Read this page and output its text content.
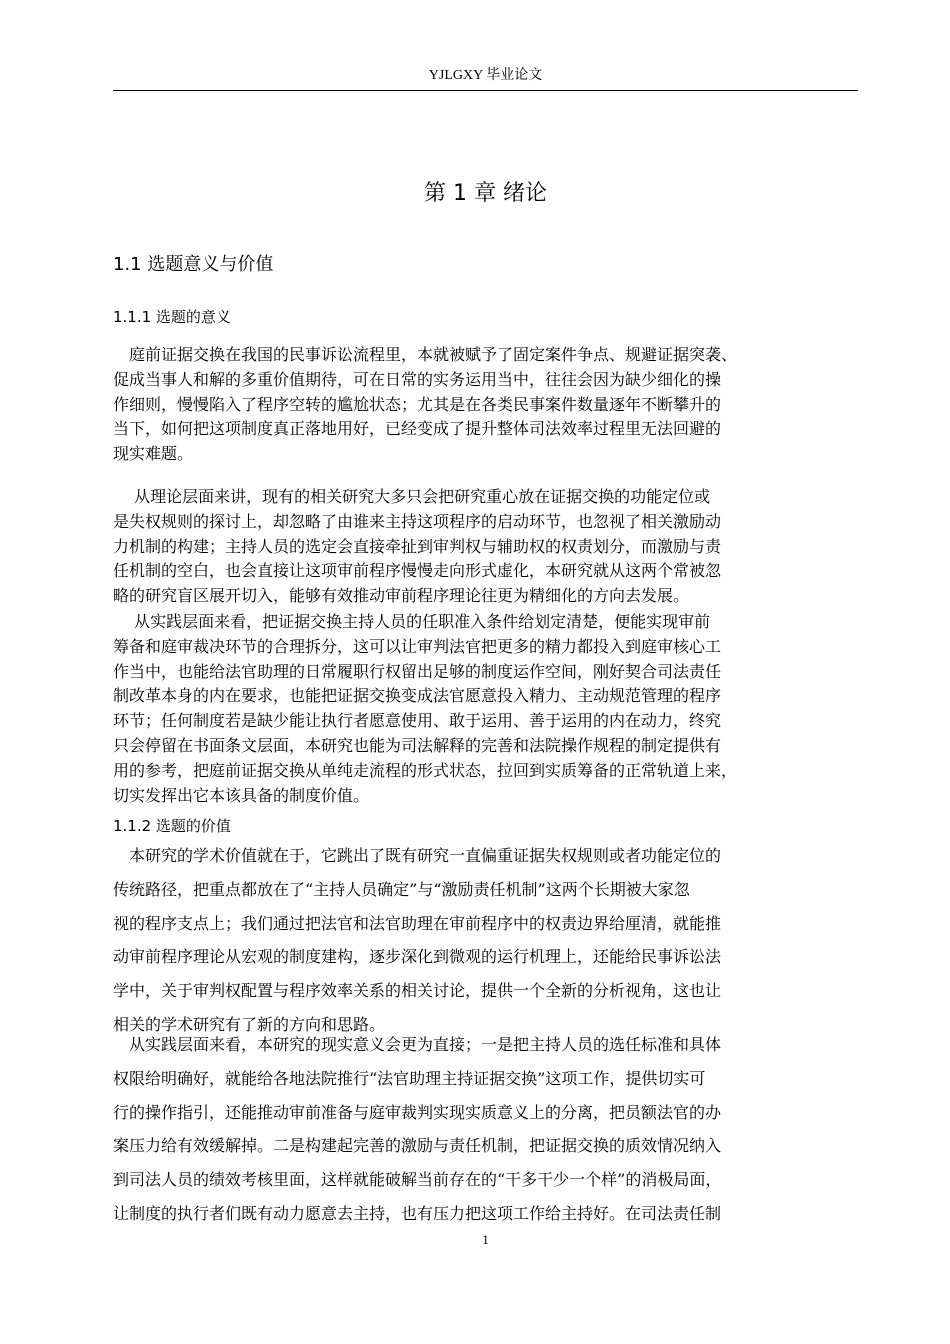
YJLGXY 毕业论文
第 1 章 绪论
1.1 选题意义与价值
1.1.1 选题的意义
　庭前证据交换在我国的民事诉讼流程里，本就被赋予了固定案件争点、规避证据突袭、
促成当事人和解的多重价值期待，可在日常的实务运用当中，往往会因为缺少细化的操
作细则，慢慢陷入了程序空转的尴尬状态；尤其是在各类民事案件数量逐年不断攀升的
当下，如何把这项制度真正落地用好，已经变成了提升整体司法效率过程里无法回避的
现实难题。
　 从理论层面来讲，现有的相关研究大多只会把研究重心放在证据交换的功能定位或
是失权规则的探讨上，却忽略了由谁来主持这项程序的启动环节，也忽视了相关激励动
力机制的构建；主持人员的选定会直接牵扯到审判权与辅助权的权责划分，而激励与责
任机制的空白，也会直接让这项审前程序慢慢走向形式虚化，本研究就从这两个常被忽
略的研究盲区展开切入，能够有效推动审前程序理论往更为精细化的方向去发展。
　 从实践层面来看，把证据交换主持人员的任职准入条件给划定清楚，便能实现审前
筹备和庭审裁决环节的合理拆分，这可以让审判法官把更多的精力都投入到庭审核心工
作当中，也能给法官助理的日常履职行权留出足够的制度运作空间，刚好契合司法责任
制改革本身的内在要求，也能把证据交换变成法官愿意投入精力、主动规范管理的程序
环节；任何制度若是缺少能让执行者愿意使用、敢于运用、善于运用的内在动力，终究
只会停留在书面条文层面，本研究也能为司法解释的完善和法院操作规程的制定提供有
用的参考，把庭前证据交换从单纯走流程的形式状态，拉回到实质筹备的正常轨道上来，
切实发挥出它本该具备的制度价值。
1.1.2 选题的价值
　本研究的学术价值就在于，它跳出了既有研究一直偏重证据失权规则或者功能定位的
传统路径，把重点都放在了“主持人员确定”与“激励责任机制”这两个长期被大家忽
视的程序支点上；我们通过把法官和法官助理在审前程序中的权责边界给厘清，就能推
动审前程序理论从宏观的制度建构，逐步深化到微观的运行机理上，还能给民事诉讼法
学中，关于审判权配置与程序效率关系的相关讨论，提供一个全新的分析视角，这也让
相关的学术研究有了新的方向和思路。
　从实践层面来看，本研究的现实意义会更为直接；一是把主持人员的选任标准和具体
权限给明确好，就能给各地法院推行“法官助理主持证据交换”这项工作，提供切实可
行的操作指引，还能推动审前准备与庭审裁判实现实质意义上的分离，把员额法官的办
案压力给有效缓解掉。二是构建起完善的激励与责任机制，把证据交换的质效情况纳入
到司法人员的绩效考核里面，这样就能破解当前存在的“干多干少一个样”的消极局面，
让制度的执行者们既有动力愿意去主持，也有压力把这项工作给主持好。在司法责任制
1
